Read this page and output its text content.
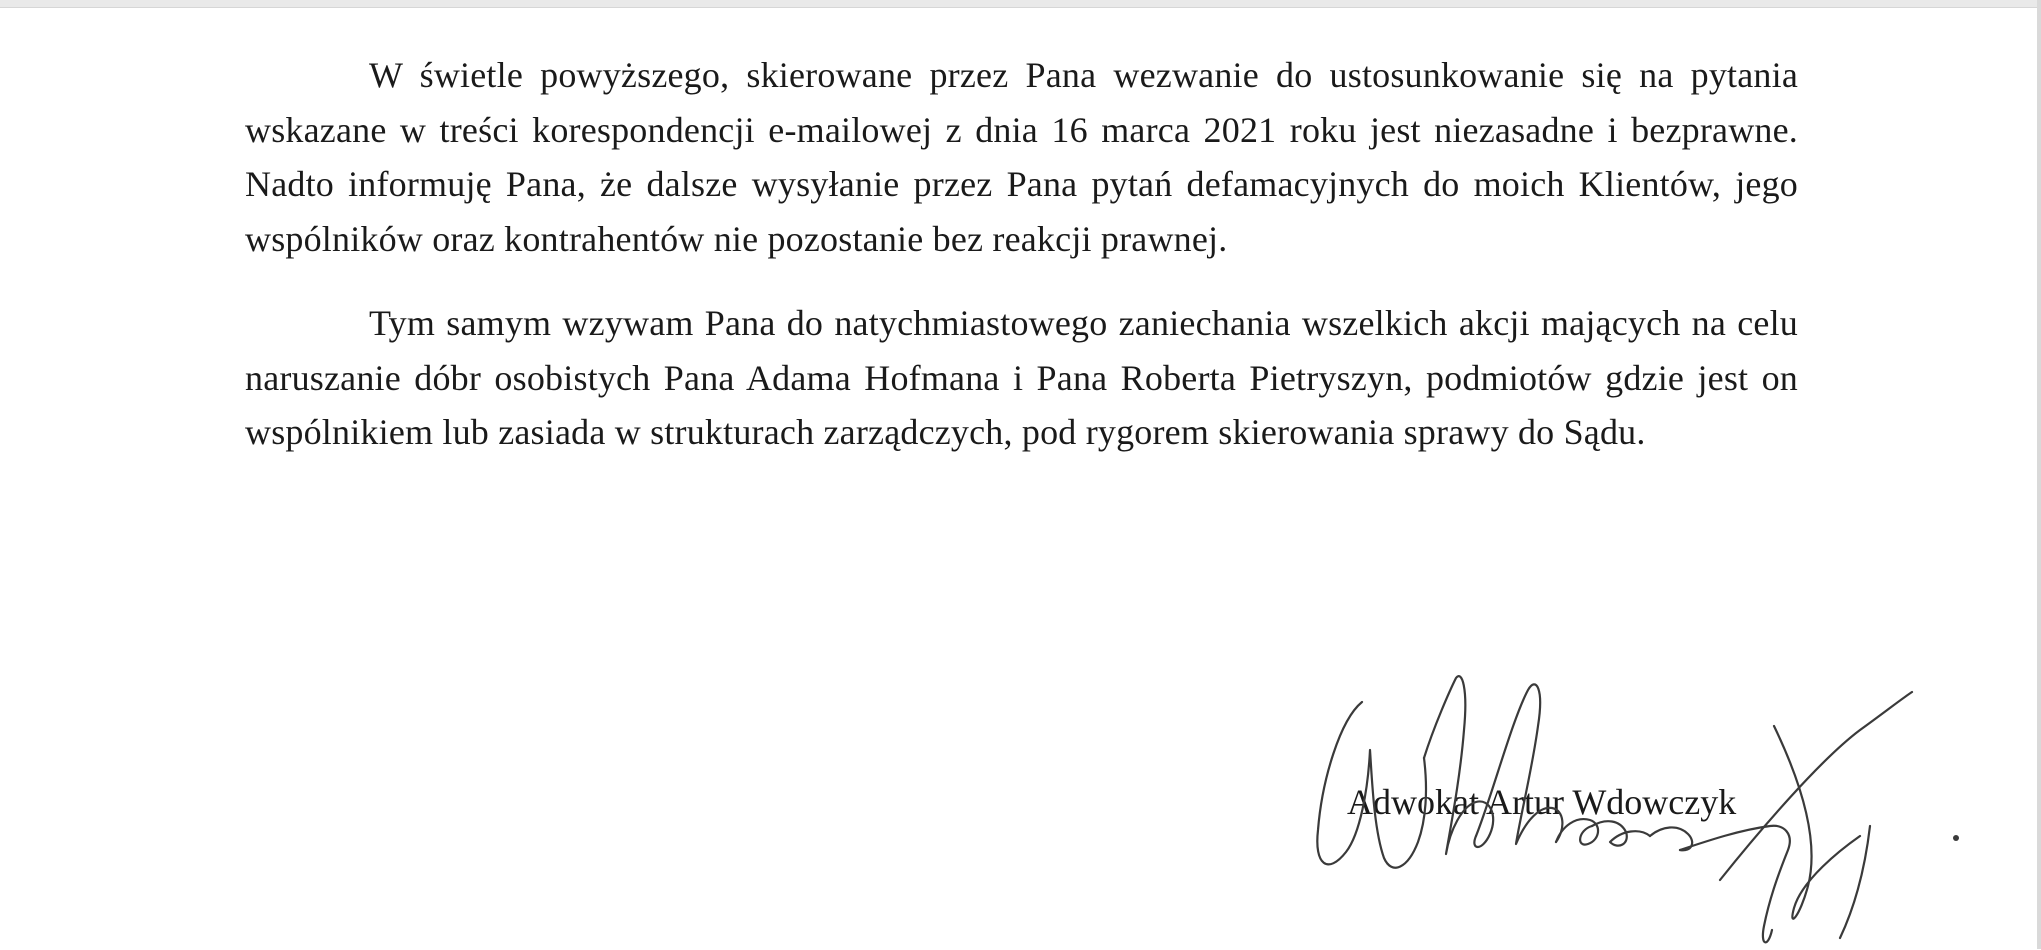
W świetle powyższego, skierowane przez Pana wezwanie do ustosunkowanie się na pytania wskazane w treści korespondencji e-mailowej z dnia 16 marca 2021 roku jest niezasadne i bezprawne. Nadto informuję Pana, że dalsze wysyłanie przez Pana pytań defamacyjnych do moich Klientów, jego wspólników oraz kontrahentów nie pozostanie bez reakcji prawnej.

Tym samym wzywam Pana do natychmiastowego zaniechania wszelkich akcji mających na celu naruszanie dóbr osobistych Pana Adama Hofmana i Pana Roberta Pietryszyn, podmiotów gdzie jest on wspólnikiem lub zasiada w strukturach zarządczych, pod rygorem skierowania sprawy do Sądu.

Adwokat Artur Wdowczyk
